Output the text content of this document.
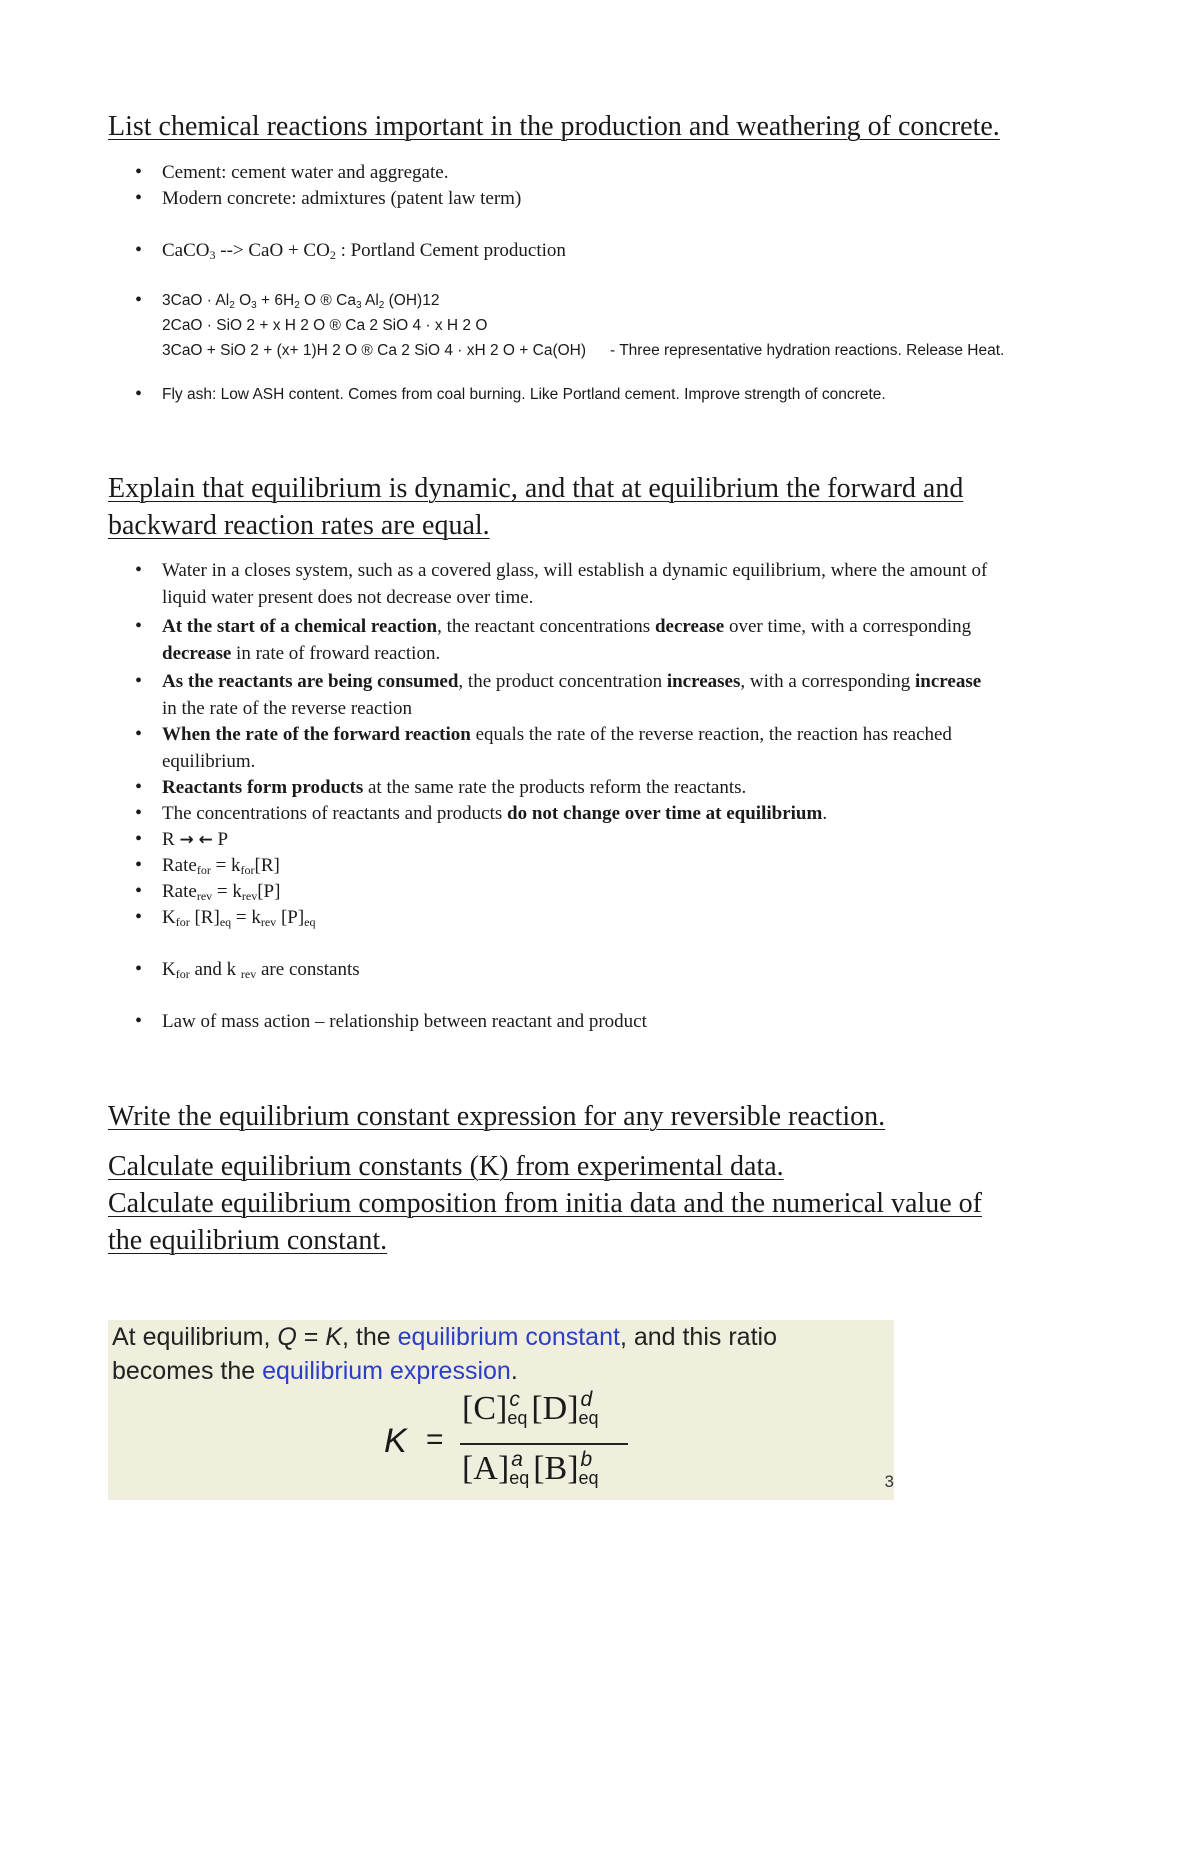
List chemical reactions important in the production and weathering of concrete.
• Cement: cement water and aggregate.
• Modern concrete: admixtures (patent law term)
• CaCO$_3$ --> CaO + $CO_2$ : Portland Cement production
• $3CaO \cdot Al_2$ $O_3 + 6H_2$ O ® $Ca_3$ $Al_2$ (OH)12
2CaO · SiO 2 + x H 2 O ® Ca 2 SiO 4 · x H 2 O
3CaO + SiO 2 + (x+ 1)H 2 O ® Ca 2 SiO 4 · xH 2 O + Ca(OH) - Three representative hydration reactions. Release Heat.
• Fly ash: Low ASH content. Comes from coal burning. Like Portland cement. Improve strength of concrete.
Explain that equilibrium is dynamic, and that at equilibrium the forward and
backward reaction rates are equal.
• Water in a closes system, such as a covered glass, will establish a dynamic equilibrium, where the amount of
liquid water present does not decrease over time.
• At the start of a chemical reaction, the reactant concentrations decrease over time, with a corresponding
decrease in rate of froward reaction.
• As the reactants are being consumed, the product concentration increases, with a corresponding increase
in the rate of the reverse reaction
• When the rate of the forward reaction equals the rate of the reverse reaction, the reaction has reached
equilibrium.
• Reactants form products at the same rate the products reform the reactants.
• The concentrations of reactants and products do not change over time at equilibrium.
• R → ← P
• Rate$_{for}$ = $k_{for}[R]$
• Rate$_{rev}$ = $k_{rev}[P]$
• $K_{for}$ $[R]_{eq} = k_{rev}$ $[P]_{eq}$
• $K_{for}$ and k $_{rev}$ are constants
• Law of mass action – relationship between reactant and product
Write the equilibrium constant expression for any reversible reaction.
Calculate equilibrium constants (K) from experimental data.
Calculate equilibrium composition from initia data and the numerical value of
the equilibrium constant.
At equilibrium, Q = K, the equilibrium constant, and this ratio
becomes the equilibrium expression.
K =
[C] c
eq [D] d
eq
[A] a
eq [B] b
eq	3
